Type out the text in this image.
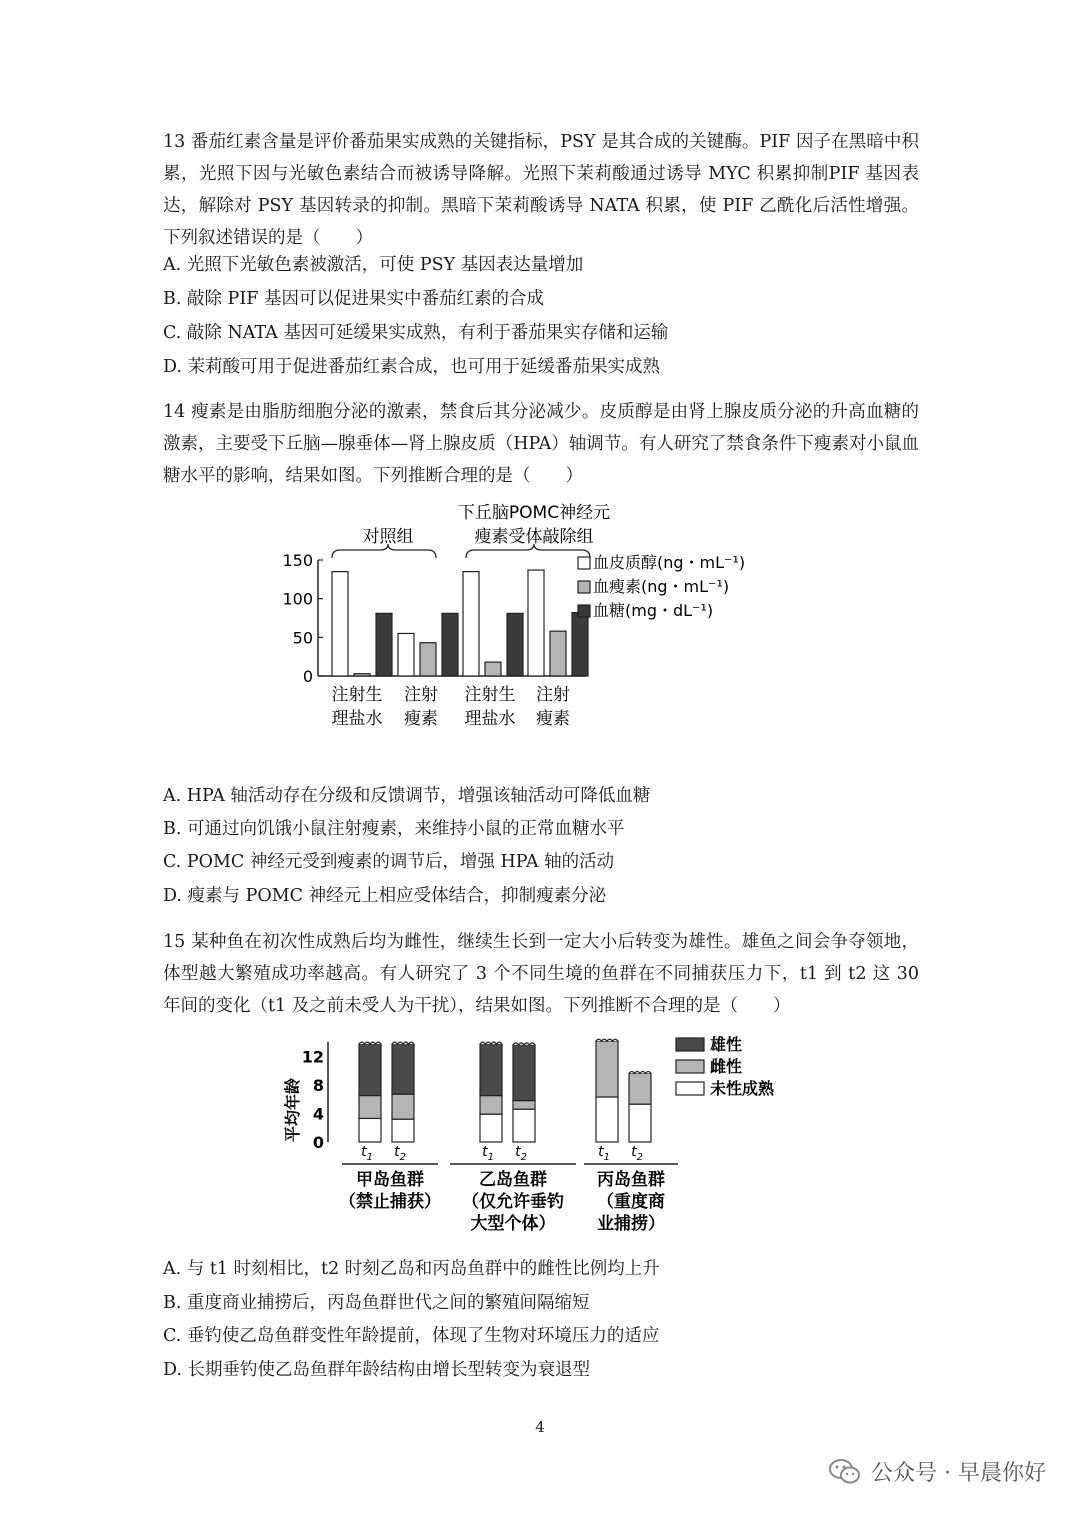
13 番茄红素含量是评价番茄果实成熟的关键指标，PSY 是其合成的关键酶。PIF 因子在黑暗中积累，光照下因与光敏色素结合而被诱导降解。光照下茉莉酸通过诱导 MYC 积累抑制PIF 基因表达，解除对 PSY 基因转录的抑制。黑暗下茉莉酸诱导 NATA 积累，使 PIF 乙酰化后活性增强。下列叙述错误的是（　　）
A. 光照下光敏色素被激活，可使 PSY 基因表达量增加
B. 敲除 PIF 基因可以促进果实中番茄红素的合成
C. 敲除 NATA 基因可延缓果实成熟，有利于番茄果实存储和运输
D. 茉莉酸可用于促进番茄红素合成，也可用于延缓番茄果实成熟
14 瘦素是由脂肪细胞分泌的激素，禁食后其分泌减少。皮质醇是由肾上腺皮质分泌的升高血糖的激素，主要受下丘脑—腺垂体—肾上腺皮质（HPA）轴调节。有人研究了禁食条件下瘦素对小鼠血糖水平的影响，结果如图。下列推断合理的是（　　）
对照组
下丘脑POMC神经元
瘦素受体敲除组
150
100
50
0
血皮质醇(ng・mL⁻¹)
血瘦素(ng・mL⁻¹)
血糖(mg・dL⁻¹)
注射生
理盐水
注射
瘦素
注射生
理盐水
注射
瘦素
A. HPA 轴活动存在分级和反馈调节，增强该轴活动可降低血糖
B. 可通过向饥饿小鼠注射瘦素，来维持小鼠的正常血糖水平
C. POMC 神经元受到瘦素的调节后，增强 HPA 轴的活动
D. 瘦素与 POMC 神经元上相应受体结合，抑制瘦素分泌
15 某种鱼在初次性成熟后均为雌性，继续生长到一定大小后转变为雄性。雄鱼之间会争夺领地，体型越大繁殖成功率越高。有人研究了 3 个不同生境的鱼群在不同捕获压力下，t1 到 t2 这 30 年间的变化（t1 及之前未受人为干扰），结果如图。下列推断不合理的是（　　）
平均年龄
12
8
4
0	$t_1$ $t_2$	$t_1$ $t_2$	$t_1$ $t_2$
雄性
雌性
未性成熟
甲岛鱼群
（禁止捕获）
乙岛鱼群
（仅允许垂钓
大型个体）
丙岛鱼群
（重度商
业捕捞）
A. 与 t1 时刻相比，t2 时刻乙岛和丙岛鱼群中的雌性比例均上升
B. 重度商业捕捞后，丙岛鱼群世代之间的繁殖间隔缩短
C. 垂钓使乙岛鱼群变性年龄提前，体现了生物对环境压力的适应
D. 长期垂钓使乙岛鱼群年龄结构由增长型转变为衰退型
4
公众号 · 早晨你好
